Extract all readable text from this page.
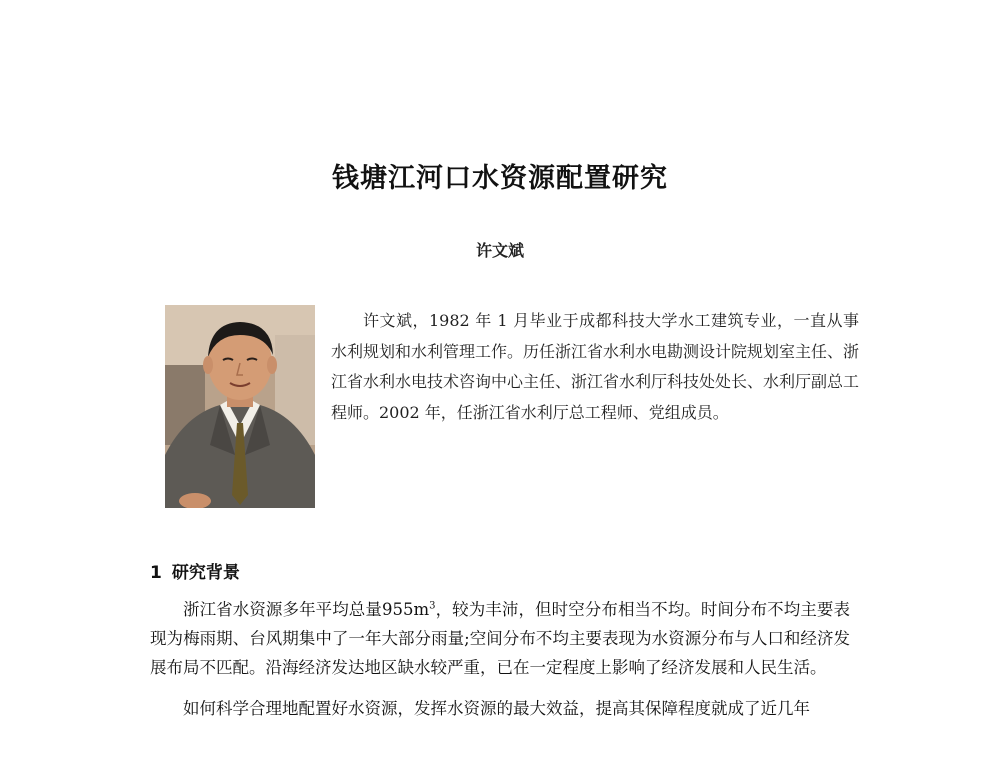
钱塘江河口水资源配置研究
许文斌

许文斌，1982 年 1 月毕业于成都科技大学水工建筑专业，一直从事水利规划和水利管理工作。历任浙江省水利水电勘测设计院规划室主任、浙江省水利水电技术咨询中心主任、浙江省水利厅科技处处长、水利厅副总工程师。2002 年，任浙江省水利厅总工程师、党组成员。

1 研究背景

浙江省水资源多年平均总量$955m^3$，较为丰沛，但时空分布相当不均。时间分布不均主要表现为梅雨期、台风期集中了一年大部分雨量;空间分布不均主要表现为水资源分布与人口和经济发展布局不匹配。沿海经济发达地区缺水较严重，已在一定程度上影响了经济发展和人民生活。

如何科学合理地配置好水资源，发挥水资源的最大效益，提高其保障程度就成了近几年
